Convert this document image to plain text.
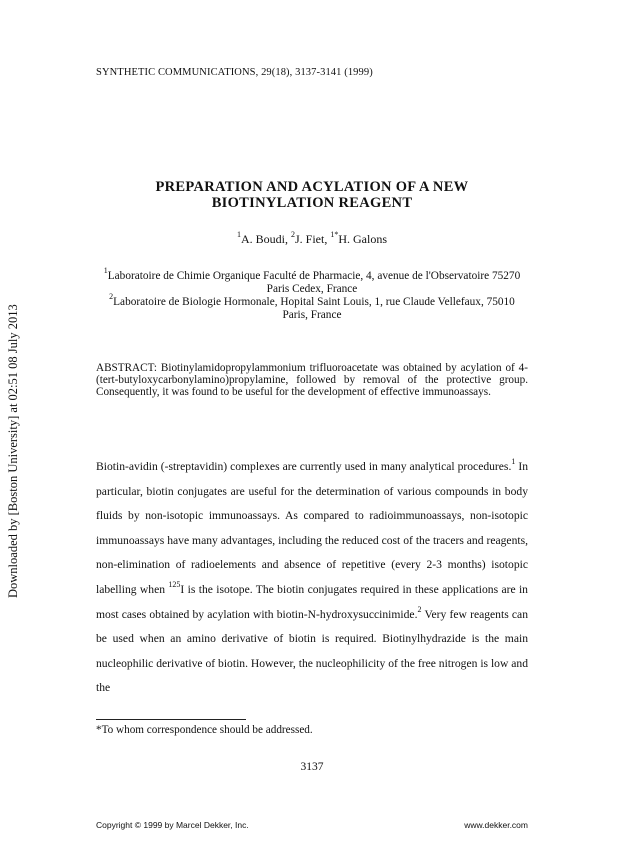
SYNTHETIC COMMUNICATIONS, 29(18), 3137-3141 (1999)
Downloaded by [Boston University] at 02:51 08 July 2013
PREPARATION AND ACYLATION OF A NEW
BIOTINYLATION REAGENT
$^1$A. Boudi, $^2$J. Fiet, $^{1*}$H. Galons
$^1$Laboratoire de Chimie Organique Faculté de Pharmacie, 4, avenue de l'Observatoire 75270 Paris Cedex, France
$^2$Laboratoire de Biologie Hormonale, Hopital Saint Louis, 1, rue Claude Vellefaux, 75010 Paris, France
ABSTRACT: Biotinylamidopropylammonium trifluoroacetate was obtained by acylation of 4-(tert-butyloxycarbonylamino)propylamine, followed by removal of the protective group. Consequently, it was found to be useful for the development of effective immunoassays.

Biotin-avidin (-streptavidin) complexes are currently used in many analytical procedures.$^1$ In particular, biotin conjugates are useful for the determination of various compounds in body fluids by non-isotopic immunoassays. As compared to radioimmunoassays, non-isotopic immunoassays have many advantages, including the reduced cost of the tracers and reagents, non-elimination of radioelements and absence of repetitive (every 2-3 months) isotopic labelling when $^{125}$I is the isotope. The biotin conjugates required in these applications are in most cases obtained by acylation with biotin-N-hydroxysuccinimide.$^2$ Very few reagents can be used when an amino derivative of biotin is required. Biotinylhydrazide is the main nucleophilic derivative of biotin. However, the nucleophilicity of the free nitrogen is low and the

*To whom correspondence should be addressed.
3137
Copyright © 1999 by Marcel Dekker, Inc.	www.dekker.com
